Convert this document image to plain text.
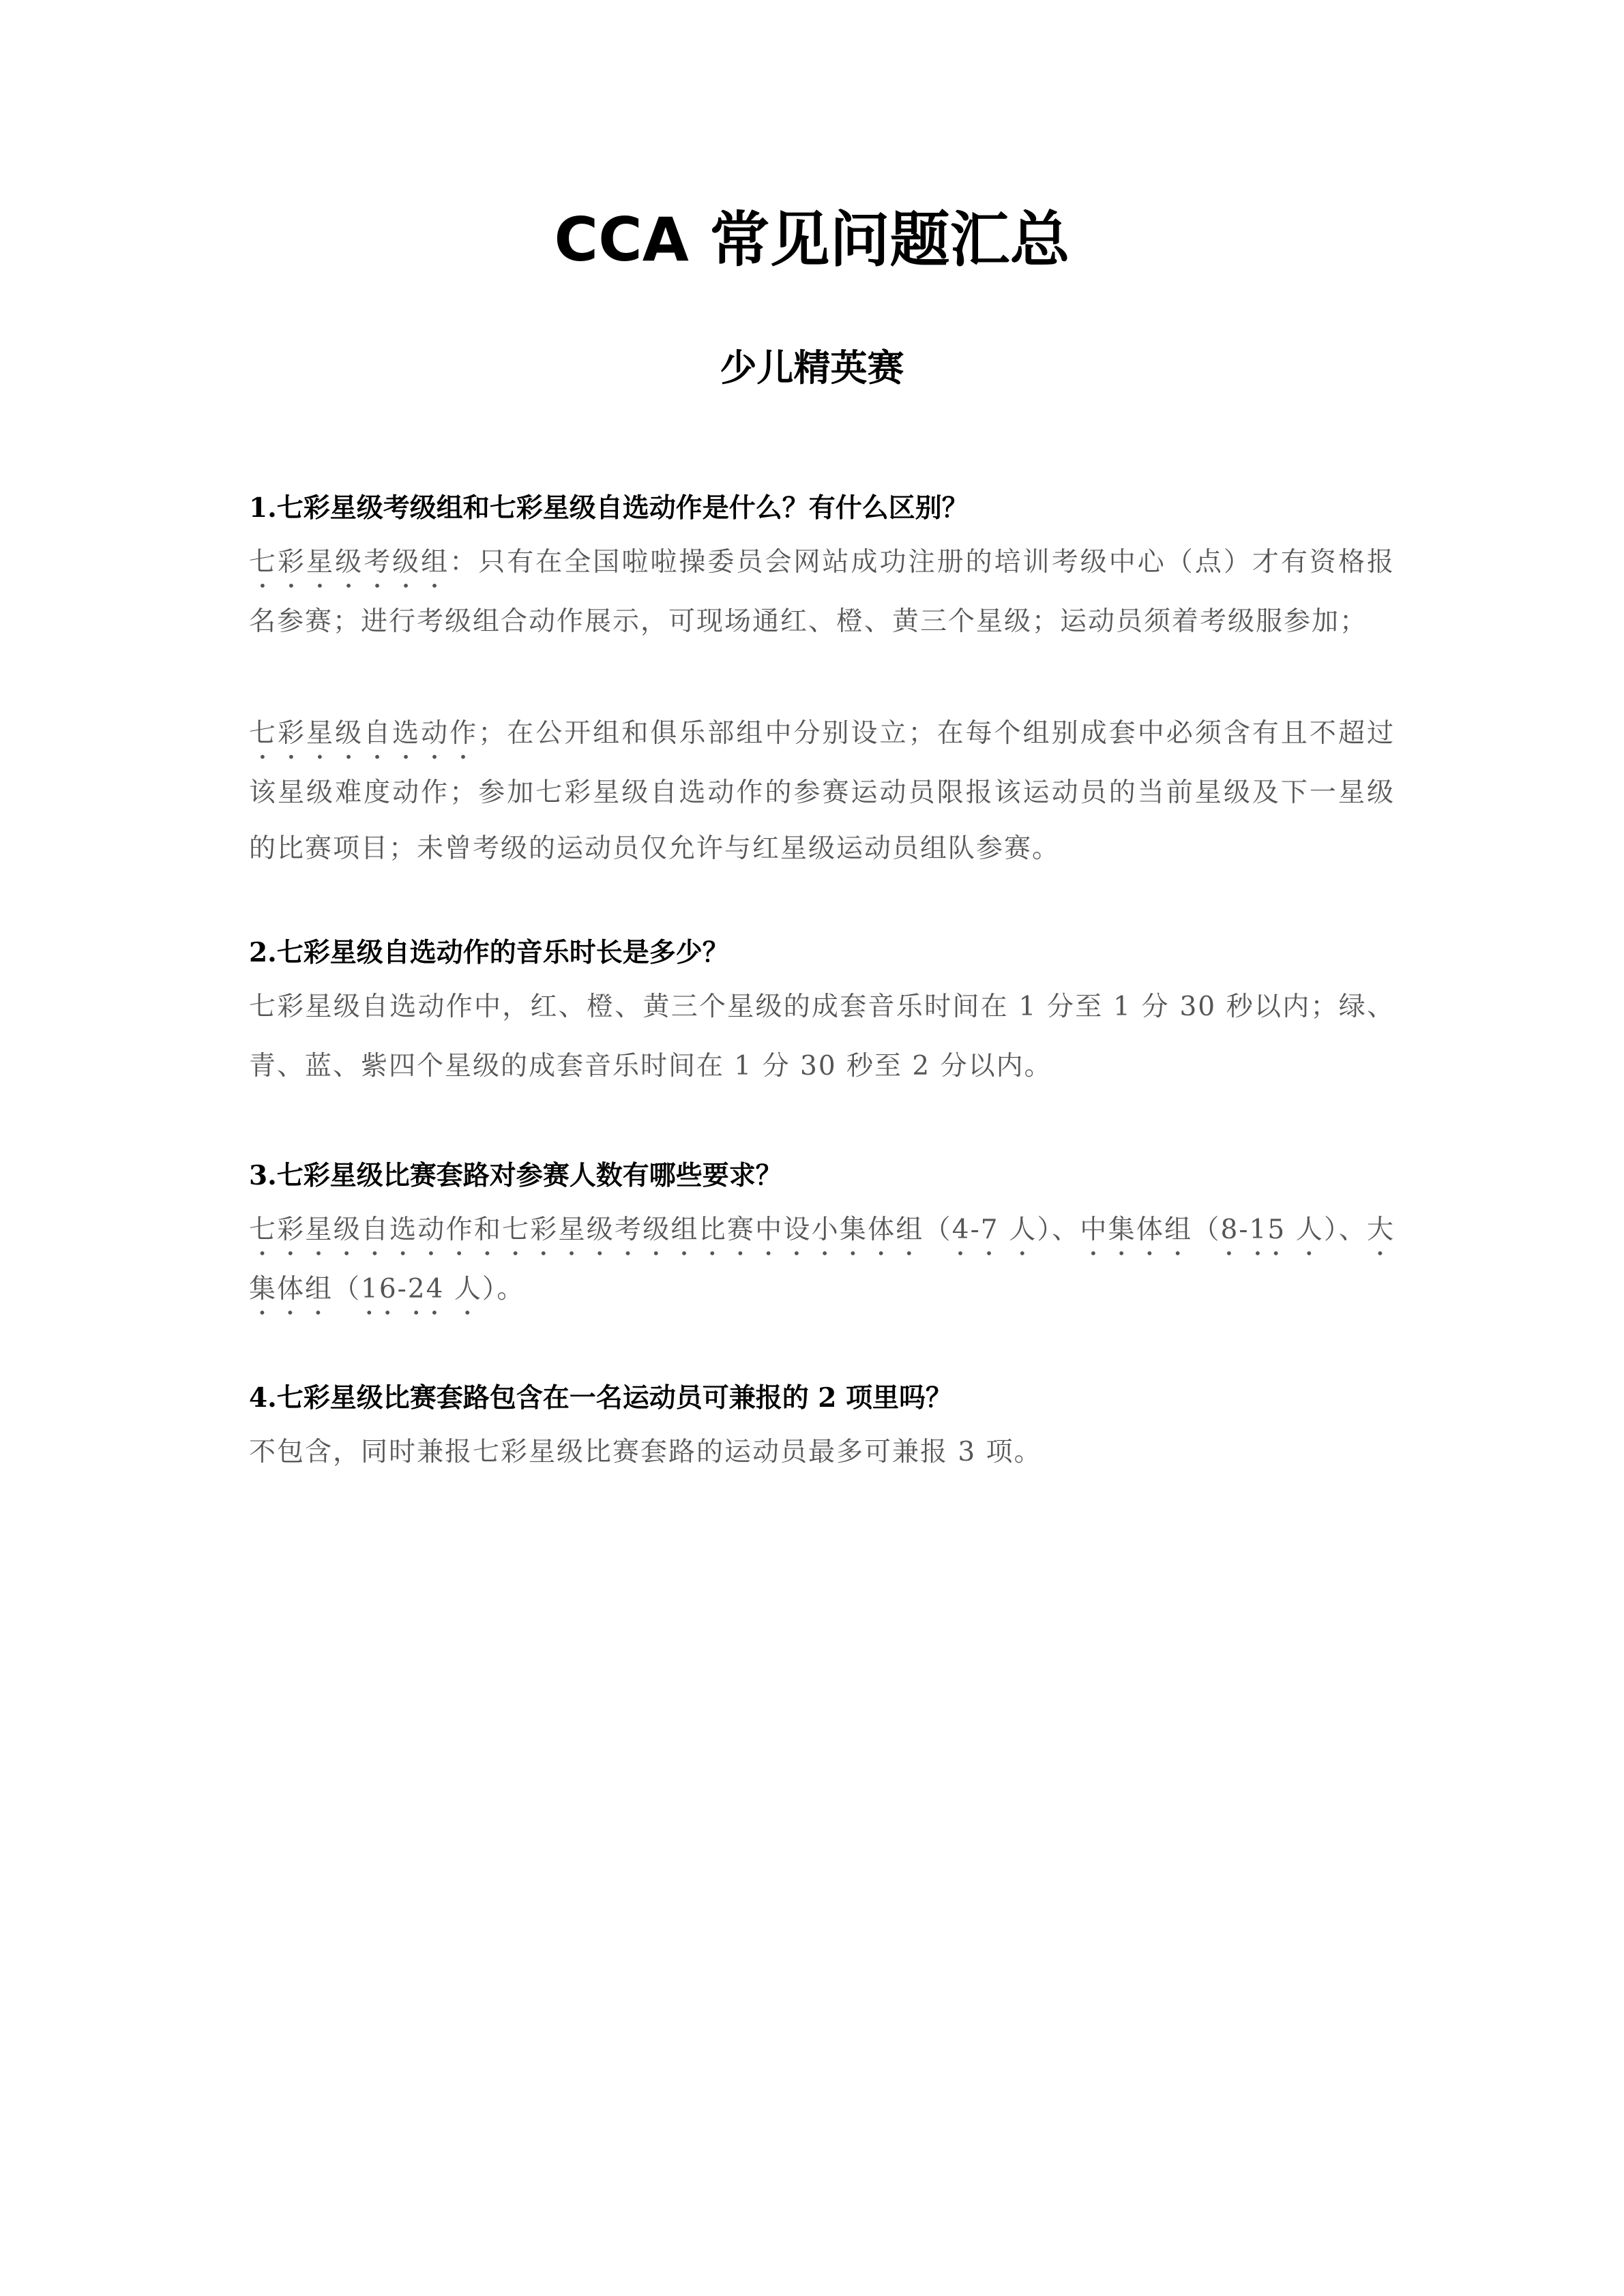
CCA 常见问题汇总
少儿精英赛

1.七彩星级考级组和七彩星级自选动作是什么？有什么区别？

七彩星级考级组：只有在全国啦啦操委员会网站成功注册的培训考级中心（点）才有资格报名参赛；进行考级组合动作展示，可现场通红、橙、黄三个星级；运动员须着考级服参加；

七彩星级自选动作；在公开组和俱乐部组中分别设立；在每个组别成套中必须含有且不超过该星级难度动作；参加七彩星级自选动作的参赛运动员限报该运动员的当前星级及下一星级的比赛项目；未曾考级的运动员仅允许与红星级运动员组队参赛。

2.七彩星级自选动作的音乐时长是多少？

七彩星级自选动作中，红、橙、黄三个星级的成套音乐时间在 1 分至 1 分 30 秒以内；绿、青、蓝、紫四个星级的成套音乐时间在 1 分 30 秒至 2 分以内。

3.七彩星级比赛套路对参赛人数有哪些要求？

七彩星级自选动作和七彩星级考级组比赛中设小集体组（4-7 人）、中集体组（8-15 人）、大集体组（16-24 人）。

4.七彩星级比赛套路包含在一名运动员可兼报的 2 项里吗？

不包含，同时兼报七彩星级比赛套路的运动员最多可兼报 3 项。
